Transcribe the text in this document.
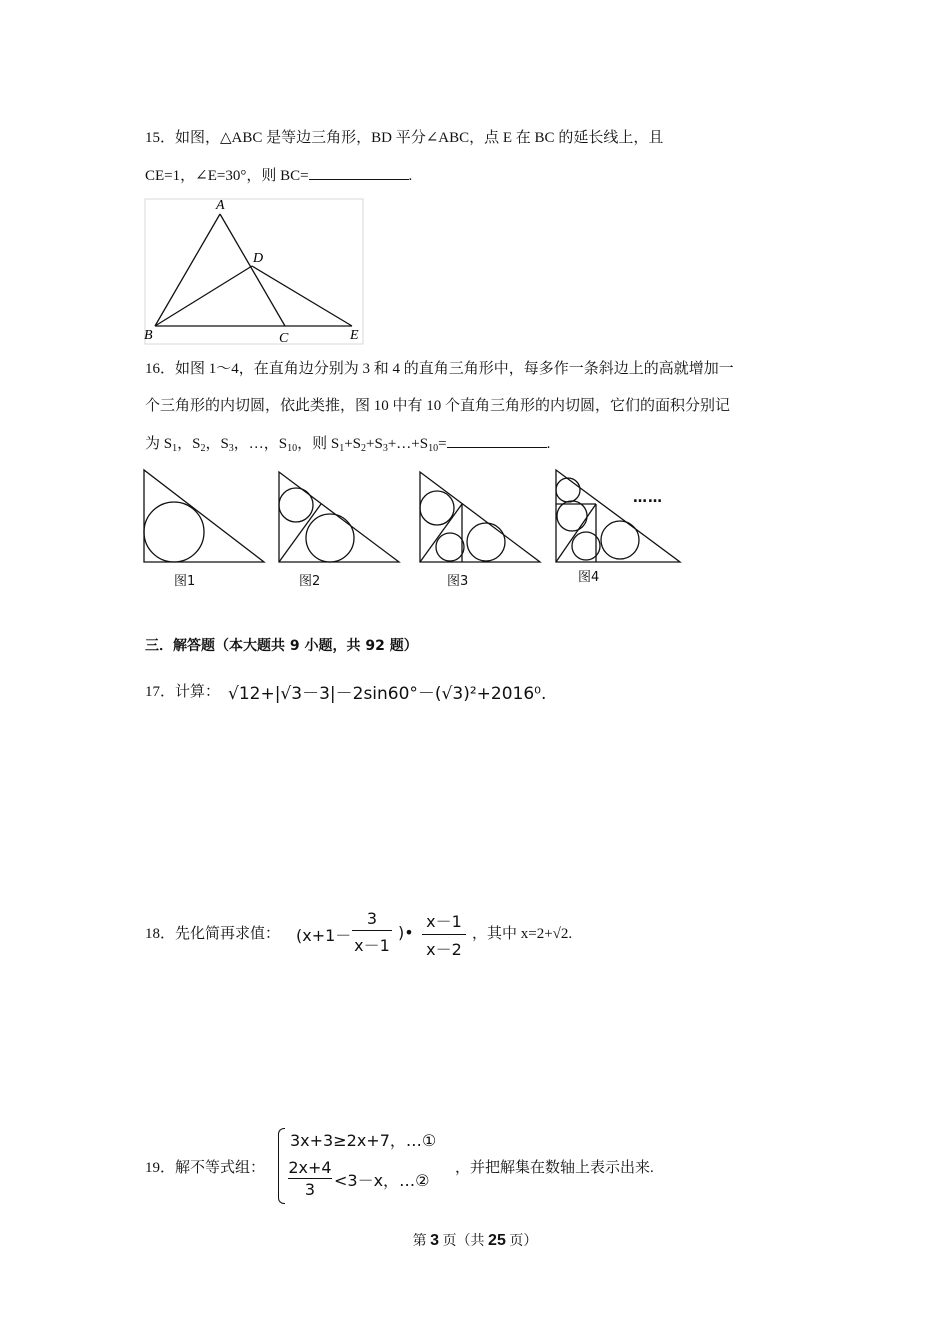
15．如图，△ABC 是等边三角形，BD 平分∠ABC，点 E 在 BC 的延长线上，且
CE=1，∠E=30°，则 BC=	.
A
B	C
D
E
16．如图 1～4，在直角边分别为 3 和 4 的直角三角形中，每多作一条斜边上的高就增加一
个三角形的内切圆，依此类推，图 10 中有 10 个直角三角形的内切圆，它们的面积分别记
为 $S_1$，$S_2$，$S_3$，…，$S_{10}$，则 $S_1+S_2+S_3+\dots+S_{10}=$	.
图1	图2	图3	图4
……
三．解答题（本大题共 9 小题，共 92 题）
17．计算： √12+|√3－3|－2sin60°－(√3)²+2016⁰.
18．先化简再求值： (x+1－
3
x－1
)•
x－1
x－2
，其中 x=2+√2.
19．解不等式组：
3x+3≥2x+7，…①
2x+4
3	<3－x，…②
，并把解集在数轴上表示出来.
第 3 页（共 25 页）
